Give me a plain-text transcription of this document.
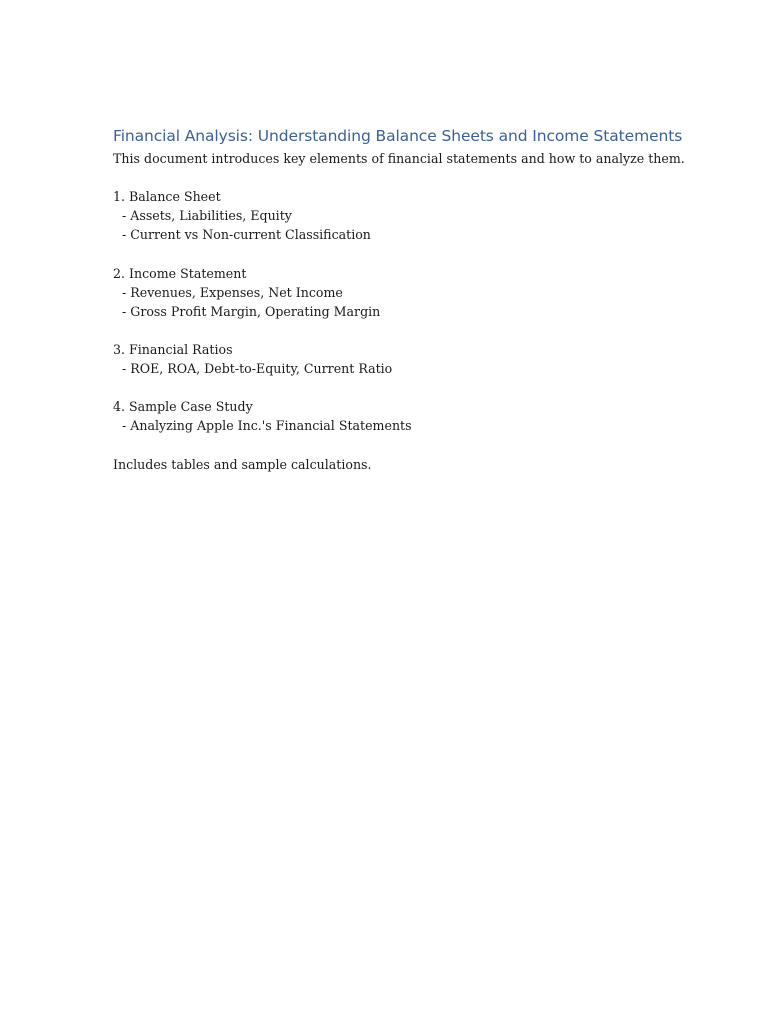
Financial Analysis: Understanding Balance Sheets and Income Statements

This document introduces key elements of financial statements and how to analyze them.

1. Balance Sheet

- Assets, Liabilities, Equity

- Current vs Non-current Classification

2. Income Statement

- Revenues, Expenses, Net Income

- Gross Profit Margin, Operating Margin

3. Financial Ratios

- ROE, ROA, Debt-to-Equity, Current Ratio

4. Sample Case Study

- Analyzing Apple Inc.'s Financial Statements

Includes tables and sample calculations.
